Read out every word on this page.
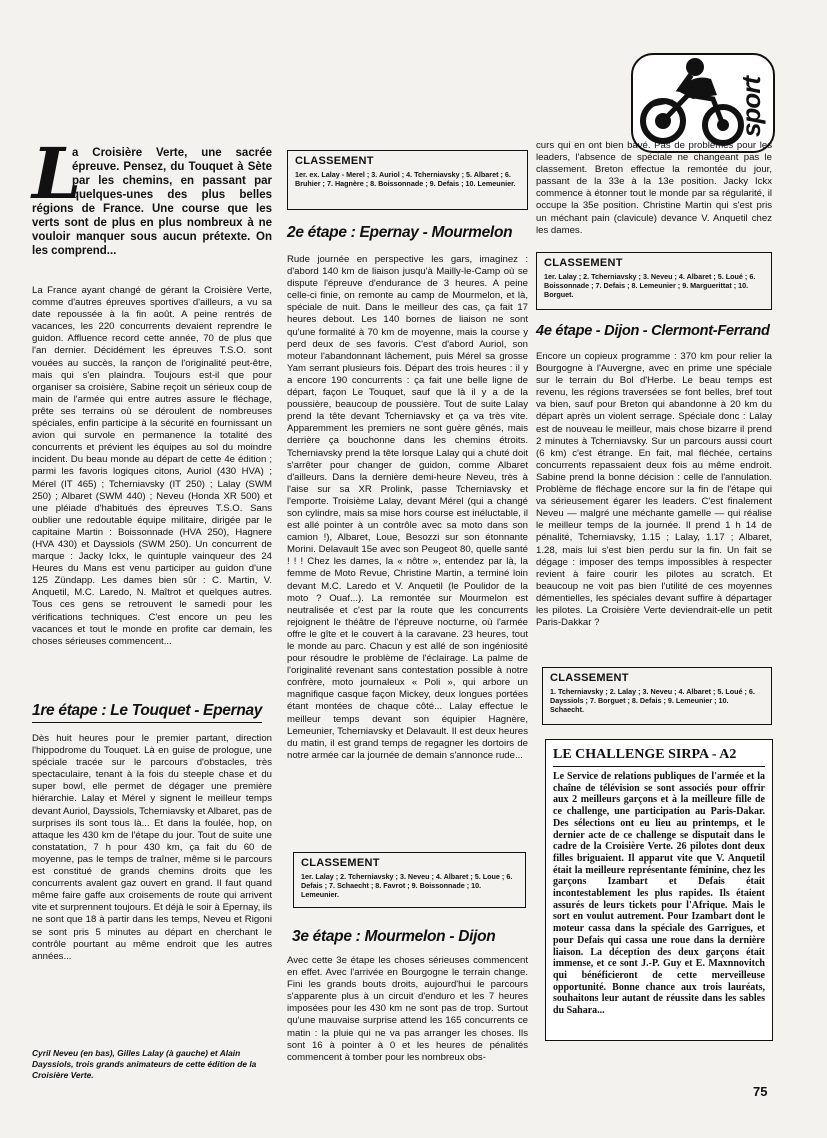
sport
L

a Croisière Verte, une sacrée épreuve. Pensez, du Touquet à Sète par les chemins, en passant par quelques-unes des plus belles régions de France. Une course que les verts sont de plus en plus nombreux à ne vouloir manquer sous aucun prétexte. On les comprend...

La France ayant changé de gérant la Croisière Verte, comme d'autres épreuves sportives d'ailleurs, a vu sa date repoussée à la fin août. A peine rentrés de vacances, les 220 concurrents devaient reprendre le guidon. Affluence record cette année, 70 de plus que l'an dernier. Décidément les épreuves T.S.O. sont vouées au succès, la rançon de l'originalité peut-être, mais qui s'en plaindra. Toujours est-il que pour organiser sa croisière, Sabine reçoit un sérieux coup de main de l'armée qui entre autres assure le fléchage, prête ses terrains où se déroulent de nombreuses spéciales, enfin participe à la sécurité en fournissant un avion qui survole en permanence la totalité des concurrents et prévient les équipes au sol du moindre incident. Du beau monde au départ de cette 4e édition ; parmi les favoris logiques citons, Auriol (430 HVA) ; Mérel (IT 465) ; Tcherniavsky (IT 250) ; Lalay (SWM 250) ; Albaret (SWM 440) ; Neveu (Honda XR 500) et une pléiade d'habitués des épreuves T.S.O. Sans oublier une redoutable équipe militaire, dirigée par le capitaine Martin : Boissonnade (HVA 250), Hagnere (HVA 430) et Dayssiols (SWM 250). Un concurrent de marque : Jacky Ickx, le quintuple vainqueur des 24 Heures du Mans est venu participer au guidon d'une 125 Zündapp. Les dames bien sûr : C. Martin, V. Anquetil, M.C. Laredo, N. Maîtrot et quelques autres. Tous ces gens se retrouvent le samedi pour les vérifications techniques. C'est encore un peu les vacances et tout le monde en profite car demain, les choses sérieuses commencent...

1re étape : Le Touquet - Epernay

Dès huit heures pour le premier partant, direction l'hippodrome du Touquet. Là en guise de prologue, une spéciale tracée sur le parcours d'obstacles, très spectaculaire, tenant à la fois du steeple chase et du super bowl, elle permet de dégager une première hiérarchie. Lalay et Mérel y signent le meilleur temps devant Auriol, Dayssiols, Tcherniavsky et Albaret, pas de surprises ils sont tous là... Et dans la foulée, hop, on attaque les 430 km de l'étape du jour. Tout de suite une constatation, 7 h pour 430 km, ça fait du 60 de moyenne, pas le temps de traîner, même si le parcours est constitué de grands chemins droits que les concurrents avalent gaz ouvert en grand. Il faut quand même faire gaffe aux croisements de route qui arrivent vite et surprennent toujours. Et déjà le soir à Epernay, ils ne sont que 18 à partir dans les temps, Neveu et Rigoni se sont pris 5 minutes au départ en cherchant le contrôle pourtant au même endroit que les autres années...

Cyril Neveu (en bas), Gilles Lalay (à gauche) et Alain Dayssiols, trois grands animateurs de cette édition de la Croisière Verte.

CLASSEMENT

1er. ex. Lalay - Merel ; 3. Auriol ; 4. Tcherniavsky ; 5. Albaret ; 6. Bruhier ; 7. Hagnère ; 8. Boissonnade ; 9. Defais ; 10. Lemeunier.

2e étape : Epernay - Mourmelon

Rude journée en perspective les gars, imaginez : d'abord 140 km de liaison jusqu'à Mailly-le-Camp où se dispute l'épreuve d'endurance de 3 heures. A peine celle-ci finie, on remonte au camp de Mourmelon, et là, spéciale de nuit. Dans le meilleur des cas, ça fait 17 heures debout. Les 140 bornes de liaison ne sont qu'une formalité à 70 km de moyenne, mais la course y perd deux de ses favoris. C'est d'abord Auriol, son moteur l'abandonnant lâchement, puis Mérel sa grosse Yam serrant plusieurs fois. Départ des trois heures : il y a encore 190 concurrents : ça fait une belle ligne de départ, façon Le Touquet, sauf que là il y a de la poussière, beaucoup de poussière. Tout de suite Lalay prend la tête devant Tcherniavsky et ça va très vite. Apparemment les premiers ne sont guère gênés, mais derrière ça bouchonne dans les chemins étroits. Tcherniavsky prend la tête lorsque Lalay qui a chuté doit s'arrêter pour changer de guidon, comme Albaret d'ailleurs. Dans la dernière demi-heure Neveu, très à l'aise sur sa XR Prolink, passe Tcherniavsky et l'emporte. Troisième Lalay, devant Mérel (qui a changé son cylindre, mais sa mise hors course est inéluctable, il est allé pointer à un contrôle avec sa moto dans son camion !), Albaret, Loue, Besozzi sur son étonnante Morini. Delavault 15e avec son Peugeot 80, quelle santé ! ! ! Chez les dames, la « nôtre », entendez par là, la femme de Moto Revue, Christine Martin, a terminé loin devant M.C. Laredo et V. Anquetil (le Poulidor de la moto ? Ouaf...). La remontée sur Mourmelon est neutralisée et c'est par la route que les concurrents rejoignent le théâtre de l'épreuve nocturne, où l'armée offre le gîte et le couvert à la caravane. 23 heures, tout le monde au parc. Chacun y est allé de son ingéniosité pour résoudre le problème de l'éclairage. La palme de l'originalité revenant sans contestation possible à notre confrère, moto journaleux « Poli », qui arbore un magnifique casque façon Mickey, deux longues portées étant montées de chaque côté... Lalay effectue le meilleur temps devant son équipier Hagnère, Lemeunier, Tcherniavsky et Delavault. Il est deux heures du matin, il est grand temps de regagner les dortoirs de notre armée car la journée de demain s'annonce rude...

CLASSEMENT

1er. Lalay ; 2. Tcherniavsky ; 3. Neveu ; 4. Albaret ; 5. Loue ; 6. Defais ; 7. Schaecht ; 8. Favrot ; 9. Boissonnade ; 10. Lemeunier.

3e étape : Mourmelon - Dijon

Avec cette 3e étape les choses sérieuses commencent en effet. Avec l'arrivée en Bourgogne le terrain change. Fini les grands bouts droits, aujourd'hui le parcours s'apparente plus à un circuit d'enduro et les 7 heures imposées pour les 430 km ne sont pas de trop. Surtout qu'une mauvaise surprise attend les 165 concurrents ce matin : la pluie qui ne va pas arranger les choses. Ils sont 16 à pointer à 0 et les heures de pénalités commencent à tomber pour les nombreux obs-

curs qui en ont bien bavé. Pas de problèmes pour les leaders, l'absence de spéciale ne changeant pas le classement. Breton effectue la remontée du jour, passant de la 33e à la 13e position. Jacky Ickx commence à étonner tout le monde par sa régularité, il occupe la 35e position. Christine Martin qui s'est pris un méchant pain (clavicule) devance V. Anquetil chez les dames.

CLASSEMENT

1er. Lalay ; 2. Tcherniavsky ; 3. Neveu ; 4. Albaret ; 5. Loué ; 6. Boissonnade ; 7. Defais ; 8. Lemeunier ; 9. Marguerittat ; 10. Borguet.

4e étape - Dijon - Clermont-Ferrand

Encore un copieux programme : 370 km pour relier la Bourgogne à l'Auvergne, avec en prime une spéciale sur le terrain du Bol d'Herbe. Le beau temps est revenu, les régions traversées se font belles, bref tout va bien, sauf pour Breton qui abandonne à 20 km du départ après un violent serrage. Spéciale donc : Lalay est de nouveau le meilleur, mais chose bizarre il prend 2 minutes à Tcherniavsky. Sur un parcours aussi court (6 km) c'est étrange. En fait, mal fléchée, certains concurrents repassaient deux fois au même endroit. Sabine prend la bonne décision : celle de l'annulation. Problème de fléchage encore sur la fin de l'étape qui va sérieusement égarer les leaders. C'est finalement Neveu — malgré une méchante gamelle — qui réalise le meilleur temps de la journée. Il prend 1 h 14 de pénalité, Tcherniavsky, 1.15 ; Lalay, 1.17 ; Albaret, 1.28, mais lui s'est bien perdu sur la fin. Un fait se dégage : imposer des temps impossibles à respecter revient à faire courir les pilotes au scratch. Et beaucoup ne voit pas bien l'utilité de ces moyennes démentielles, les spéciales devant suffire à départager les pilotes. La Croisière Verte deviendrait-elle un petit Paris-Dakkar ?

CLASSEMENT

1. Tcherniavsky ; 2. Lalay ; 3. Neveu ; 4. Albaret ; 5. Loué ; 6. Dayssiols ; 7. Borguet ; 8. Defais ; 9. Lemeunier ; 10. Schaecht.

LE CHALLENGE SIRPA - A2

Le Service de relations publiques de l'armée et la chaîne de télévision se sont associés pour offrir aux 2 meilleurs garçons et à la meilleure fille de ce challenge, une participation au Paris-Dakar. Des sélections ont eu lieu au printemps, et le dernier acte de ce challenge se disputait dans le cadre de la Croisière Verte. 26 pilotes dont deux filles briguaient. Il apparut vite que V. Anquetil était la meilleure représentante féminine, chez les garçons Izambart et Defais était incontestablement les plus rapides. Ils étaient assurés de leurs tickets pour l'Afrique. Mais le sort en voulut autrement. Pour Izambart dont le moteur cassa dans la spéciale des Garrigues, et pour Defais qui cassa une roue dans la dernière liaison. La déception des deux garçons était immense, et ce sont J.-P. Guy et E. Maxnnovitch qui bénéficieront de cette merveilleuse opportunité. Bonne chance aux trois lauréats, souhaitons leur autant de réussite dans les sables du Sahara...

75
